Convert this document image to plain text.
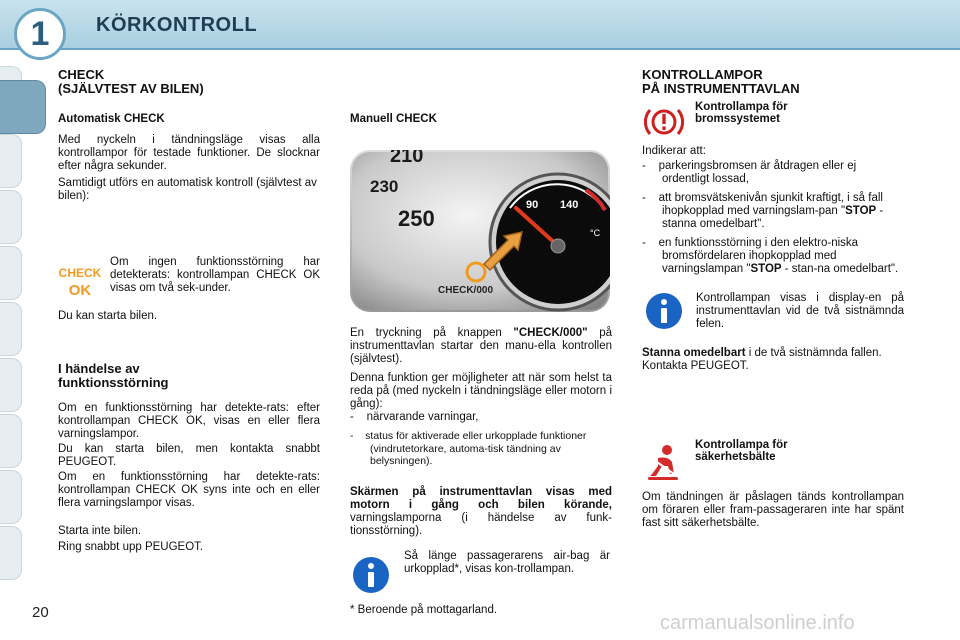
1	KÖRKONTROLL
CHECK
(SJÄLVTEST AV BILEN)
Automatisk CHECK
Med nyckeln i tändningsläge visas alla kontrollampor för testade funktioner. De slocknar efter några sekunder.
Samtidigt utförs en automatisk kontroll (självtest av bilen):
CHECK
OK
Om ingen funktionsstörning har detekterats: kontrollampan CHECK OK visas om två sek-under.
Du kan starta bilen.
I händelse av
funktionsstörning
Om en funktionsstörning har detekte-rats: efter kontrollampan CHECK OK, visas en eller flera varningslampor.
Du kan starta bilen, men kontakta snabbt PEUGEOT.
Om en funktionsstörning har detekte-rats: kontrollampan CHECK OK syns inte och en eller flera varningslampor visas.
Starta inte bilen.
Ring snabbt upp PEUGEOT.
Manuell CHECK
210
230
250
90 140
°C
CHECK/000
En tryckning på knappen "CHECK/000" på instrumenttavlan startar den manu-ella kontrollen (självtest).
Denna funktion ger möjligheter att när som helst ta reda på (med nyckeln i tändningsläge eller motorn i gång):
-    närvarande varningar,
-    status för aktiverade eller urkopplade funktioner (vindrutetorkare, automa-tisk tändning av belysningen).
Skärmen på instrumenttavlan visas med motorn i gång och bilen körande, varningslamporna (i händelse av funk-tionsstörning).
Så länge passagerarens air-bag är urkopplad*, visas kon-trollampan.
* Beroende på mottagarland.
KONTROLLAMPOR
PÅ INSTRUMENTTAVLAN
Kontrollampa för
bromssystemet
Indikerar att:
-    parkeringsbromsen är åtdragen eller ej ordentligt lossad,
-    att bromsvätskenivån sjunkit kraftigt, i så fall ihopkopplad med varningslam-pan "STOP - stanna omedelbart".
-    en funktionsstörning i den elektro-niska bromsfördelaren ihopkopplad med varningslampan "STOP - stan-na omedelbart".
Kontrollampan visas i display-en på instrumenttavlan vid de två sistnämnda felen.
Stanna omedelbart i de två sistnämnda fallen. Kontakta PEUGEOT.
Kontrollampa för
säkerhetsbälte
Om tändningen är påslagen tänds kontrollampan om föraren eller fram-passageraren inte har spänt fast sitt säkerhetsbälte.
20	carmanualsonline.info
